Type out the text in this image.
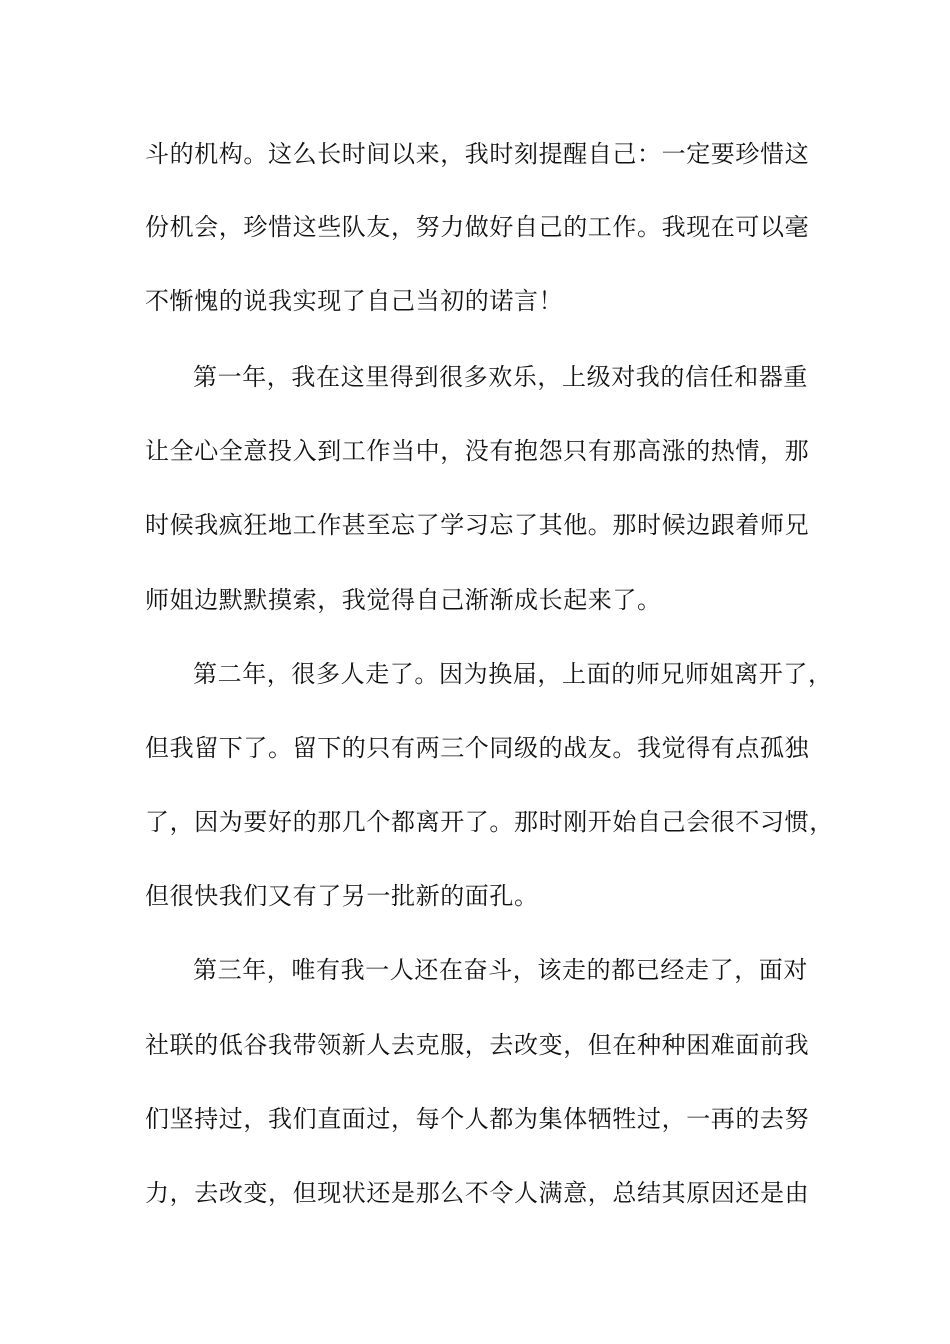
斗的机构。这么长时间以来，我时刻提醒自己：一定要珍惜这
份机会，珍惜这些队友，努力做好自己的工作。我现在可以毫
不惭愧的说我实现了自己当初的诺言！
第一年，我在这里得到很多欢乐，上级对我的信任和器重
让全心全意投入到工作当中，没有抱怨只有那高涨的热情，那
时候我疯狂地工作甚至忘了学习忘了其他。那时候边跟着师兄
师姐边默默摸索，我觉得自己渐渐成长起来了。
第二年，很多人走了。因为换届，上面的师兄师姐离开了，
但我留下了。留下的只有两三个同级的战友。我觉得有点孤独
了，因为要好的那几个都离开了。那时刚开始自己会很不习惯，
但很快我们又有了另一批新的面孔。
第三年，唯有我一人还在奋斗，该走的都已经走了，面对
社联的低谷我带领新人去克服，去改变，但在种种困难面前我
们坚持过，我们直面过，每个人都为集体牺牲过，一再的去努
力，去改变，但现状还是那么不令人满意，总结其原因还是由
